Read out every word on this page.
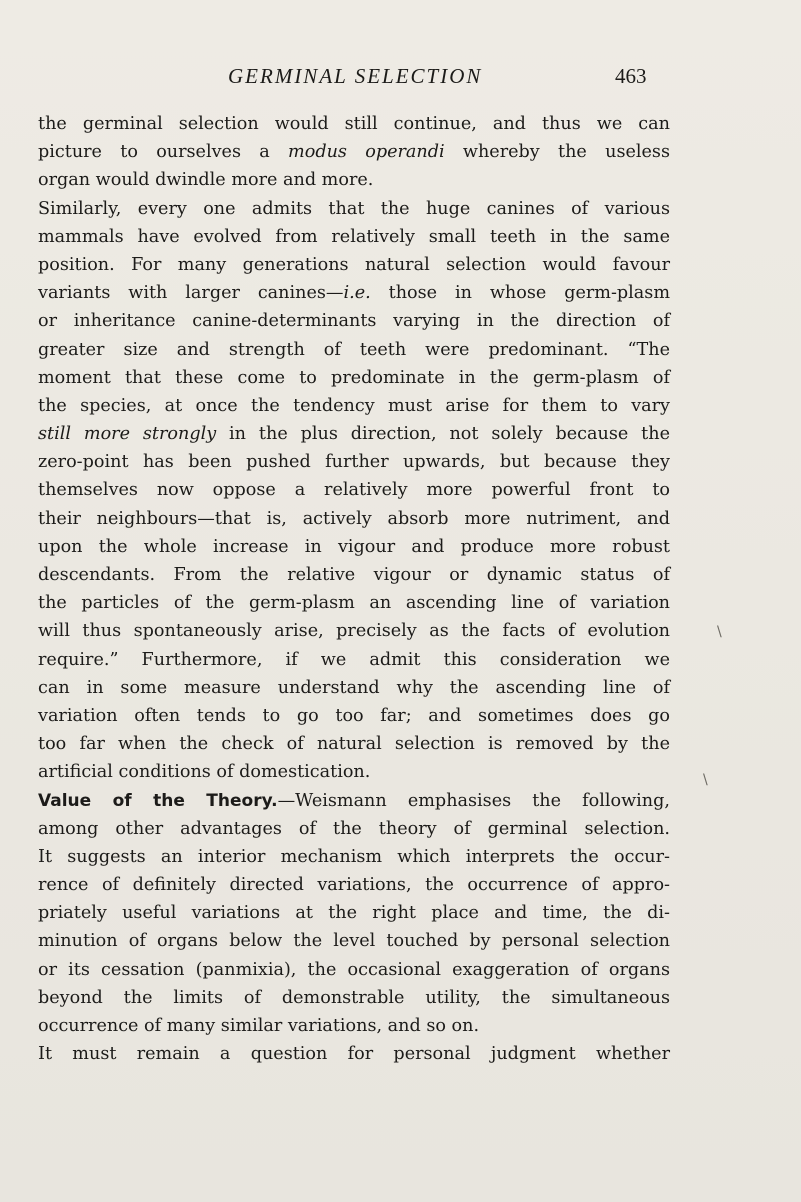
GERMINAL SELECTION	463
the germinal selection would still continue, and thus we can
picture to ourselves a modus operandi whereby the useless
organ would dwindle more and more.
Similarly, every one admits that the huge canines of various
mammals have evolved from relatively small teeth in the same
position. For many generations natural selection would favour
variants with larger canines—i.e. those in whose germ-plasm
or inheritance canine-determinants varying in the direction of
greater size and strength of teeth were predominant. “The
moment that these come to predominate in the germ-plasm of
the species, at once the tendency must arise for them to vary
still more strongly in the plus direction, not solely because the
zero-point has been pushed further upwards, but because they
themselves now oppose a relatively more powerful front to
their neighbours—that is, actively absorb more nutriment, and
upon the whole increase in vigour and produce more robust
descendants. From the relative vigour or dynamic status of
the particles of the germ-plasm an ascending line of variation
will thus spontaneously arise, precisely as the facts of evolution
require.” Furthermore, if we admit this consideration we
can in some measure understand why the ascending line of
variation often tends to go too far; and sometimes does go
too far when the check of natural selection is removed by the
artificial conditions of domestication.
Value of the Theory.—Weismann emphasises the following,
among other advantages of the theory of germinal selection.
It suggests an interior mechanism which interprets the occur-
rence of definitely directed variations, the occurrence of appro-
priately useful variations at the right place and time, the di-
minution of organs below the level touched by personal selection
or its cessation (panmixia), the occasional exaggeration of organs
beyond the limits of demonstrable utility, the simultaneous
occurrence of many similar variations, and so on.
It must remain a question for personal judgment whether
\
\
